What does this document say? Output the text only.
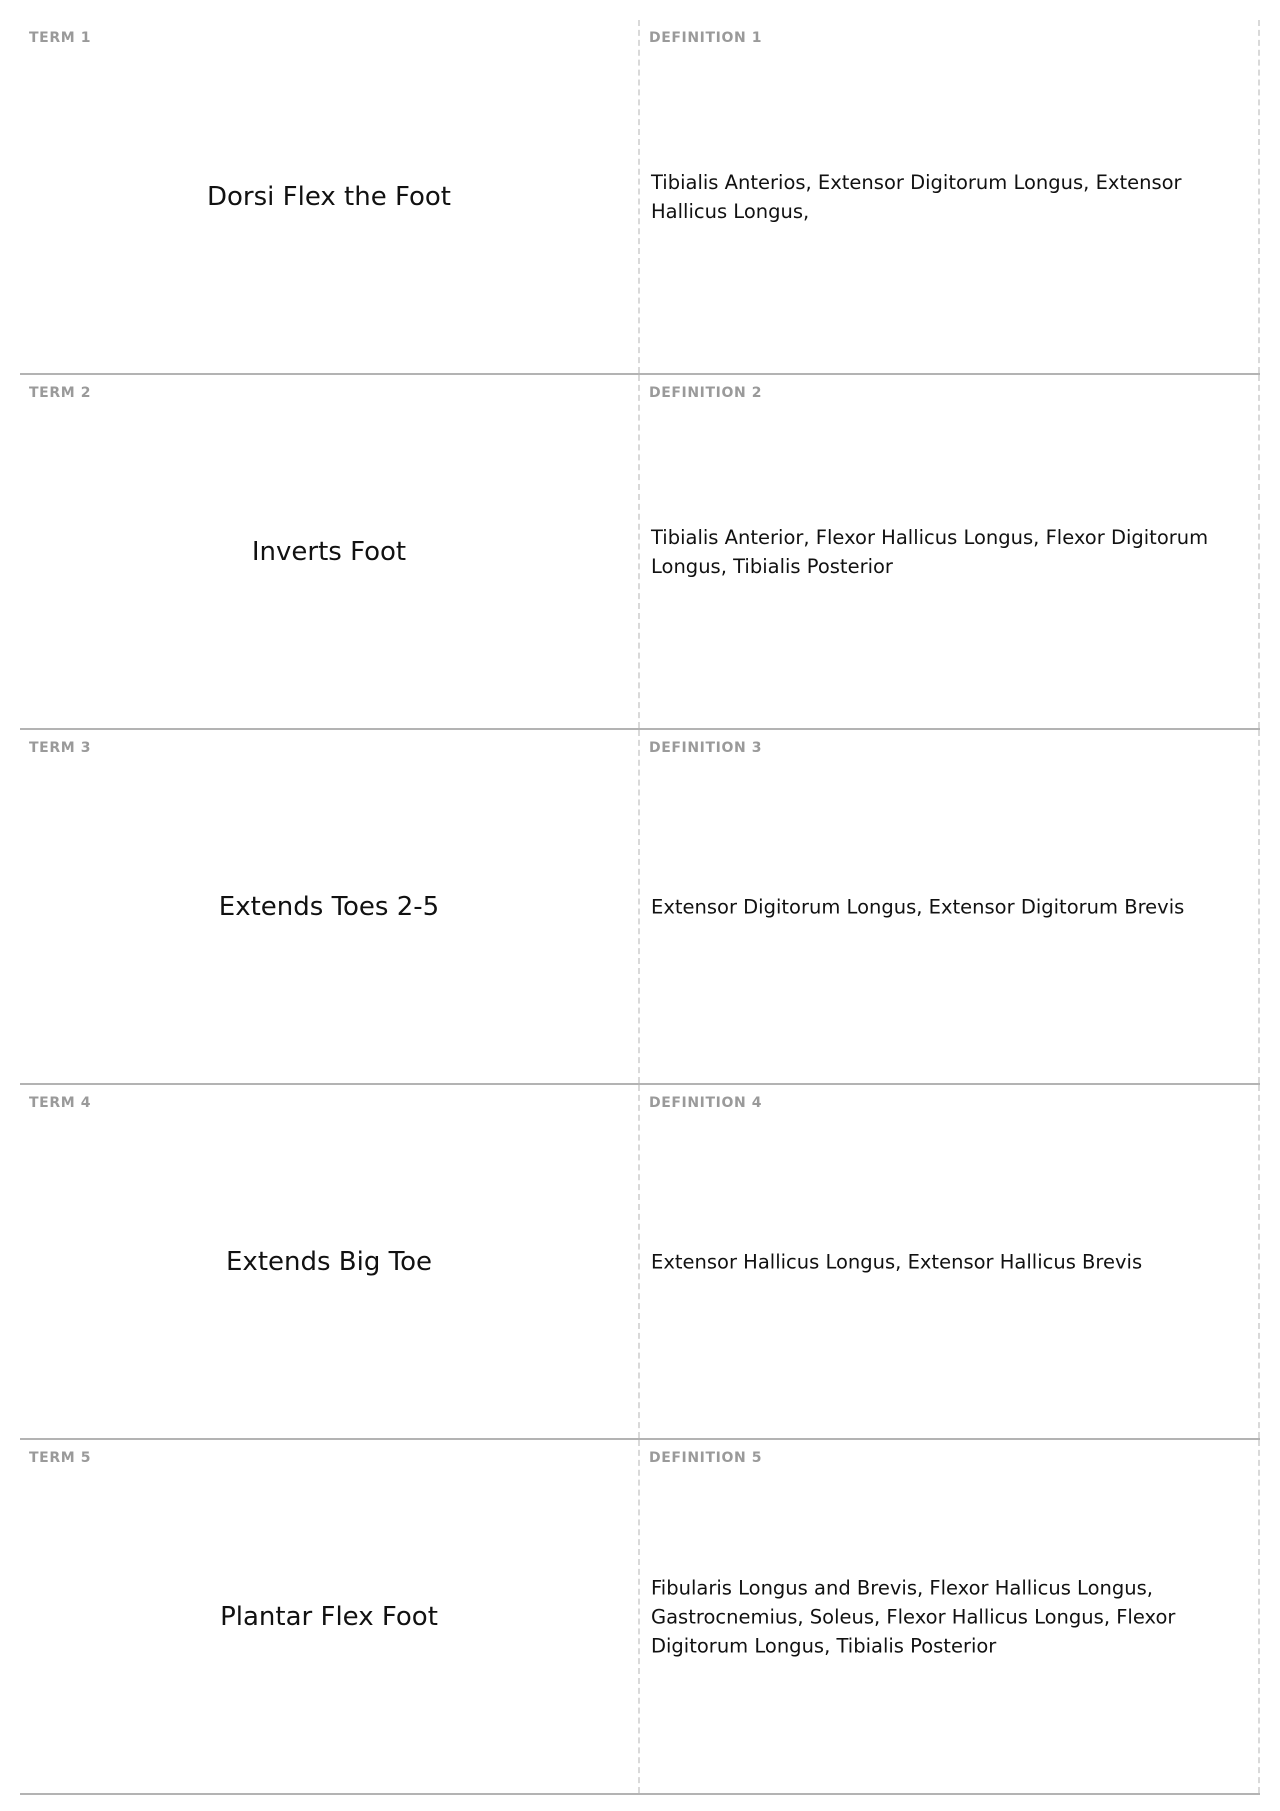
TERM 1
Dorsi Flex the Foot
DEFINITION 1
Tibialis Anterios, Extensor Digitorum Longus, Extensor Hallicus Longus,
TERM 2
Inverts Foot
DEFINITION 2
Tibialis Anterior, Flexor Hallicus Longus, Flexor Digitorum Longus, Tibialis Posterior
TERM 3
Extends Toes 2-5
DEFINITION 3
Extensor Digitorum Longus, Extensor Digitorum Brevis
TERM 4
Extends Big Toe
DEFINITION 4
Extensor Hallicus Longus, Extensor Hallicus Brevis
TERM 5
Plantar Flex Foot
DEFINITION 5
Fibularis Longus and Brevis, Flexor Hallicus Longus, Gastrocnemius, Soleus, Flexor Hallicus Longus, Flexor Digitorum Longus, Tibialis Posterior
